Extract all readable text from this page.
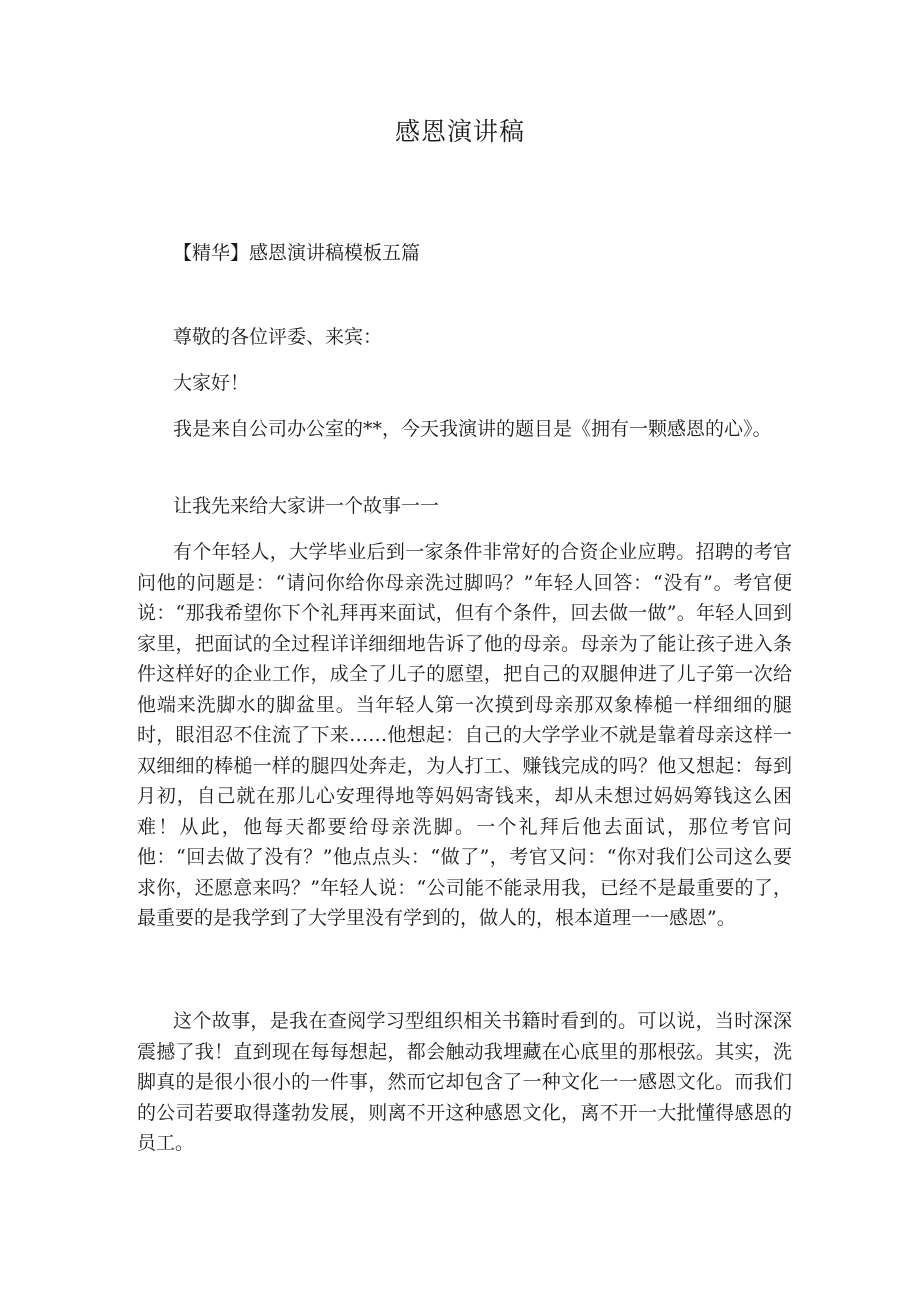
感恩演讲稿
【精华】感恩演讲稿模板五篇
尊敬的各位评委、来宾：
大家好！
我是来自公司办公室的**，今天我演讲的题目是《拥有一颗感恩的心》。
让我先来给大家讲一个故事一一
有个年轻人，大学毕业后到一家条件非常好的合资企业应聘。招聘的考官问他的问题是：“请问你给你母亲洗过脚吗？”年轻人回答：“没有”。考官便说：“那我希望你下个礼拜再来面试，但有个条件，回去做一做”。年轻人回到家里，把面试的全过程详详细细地告诉了他的母亲。母亲为了能让孩子进入条件这样好的企业工作，成全了儿子的愿望，把自己的双腿伸进了儿子第一次给他端来洗脚水的脚盆里。当年轻人第一次摸到母亲那双象棒槌一样细细的腿时，眼泪忍不住流了下来……他想起：自己的大学学业不就是靠着母亲这样一双细细的棒槌一样的腿四处奔走，为人打工、赚钱完成的吗？他又想起：每到月初，自己就在那儿心安理得地等妈妈寄钱来，却从未想过妈妈筹钱这么困难！从此，他每天都要给母亲洗脚。一个礼拜后他去面试，那位考官问他：“回去做了没有？”他点点头：“做了”，考官又问：“你对我们公司这么要求你，还愿意来吗？”年轻人说：“公司能不能录用我，已经不是最重要的了，最重要的是我学到了大学里没有学到的，做人的，根本道理一一感恩”。
这个故事，是我在查阅学习型组织相关书籍时看到的。可以说，当时深深震撼了我！直到现在每每想起，都会触动我埋藏在心底里的那根弦。其实，洗脚真的是很小很小的一件事，然而它却包含了一种文化一一感恩文化。而我们的公司若要取得蓬勃发展，则离不开这种感恩文化，离不开一大批懂得感恩的员工。
